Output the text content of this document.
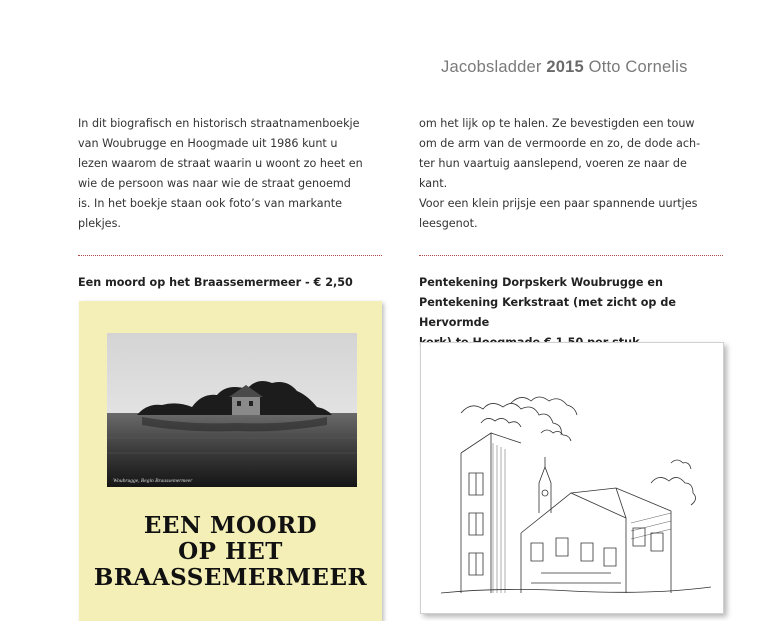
Jacobsladder 2015 Otto Cornelis

In dit biografisch en historisch straatnamenboekje

van Woubrugge en Hoogmade uit 1986 kunt u

lezen waarom de straat waarin u woont zo heet en

wie de persoon was naar wie de straat genoemd

is. In het boekje staan ook foto’s van markante

plekjes.

om het lijk op te halen. Ze bevestigden een touw

om de arm van de vermoorde en zo, de dode ach-

ter hun vaartuig aanslepend, voeren ze naar de

kant.

Voor een klein prijsje een paar spannende uurtjes

leesgenot.

Een moord op het Braassemermeer - € 2,50	Pentekening Dorpskerk Woubrugge en
Pentekening Kerkstraat (met zicht op de Hervormde
Woubrugge, Begin Braassemermeer
EEN MOORD
OP HET
BRAASSEMERMEER
